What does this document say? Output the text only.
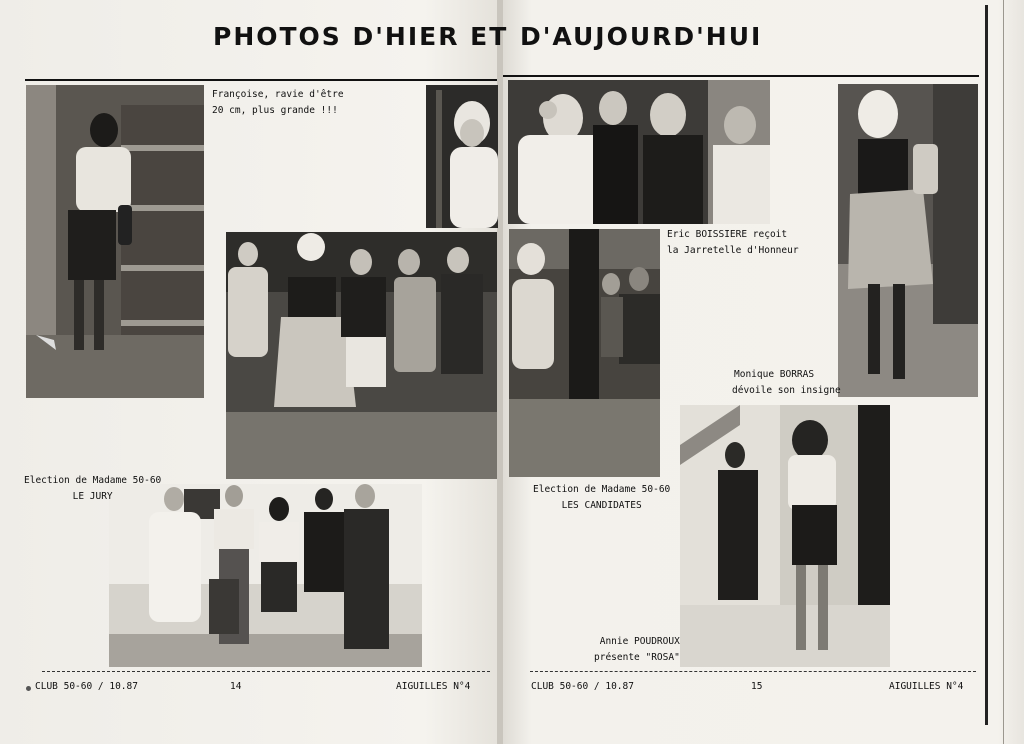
PHOTOS D'HIER ET D'AUJOURD'HUI
Françoise, ravie d'être
20 cm, plus grande !!!
Election de Madame 50-60
LE JURY
Eric BOISSIERE reçoit
la Jarretelle d'Honneur
Monique BORRAS
dévoile son insigne
Election de Madame 50-60
LES CANDIDATES
Annie POUDROUX
présente "ROSA"
CLUB 50-60 / 10.87	14	AIGUILLES N°4	CLUB 50-60 / 10.87	15	AIGUILLES N°4
